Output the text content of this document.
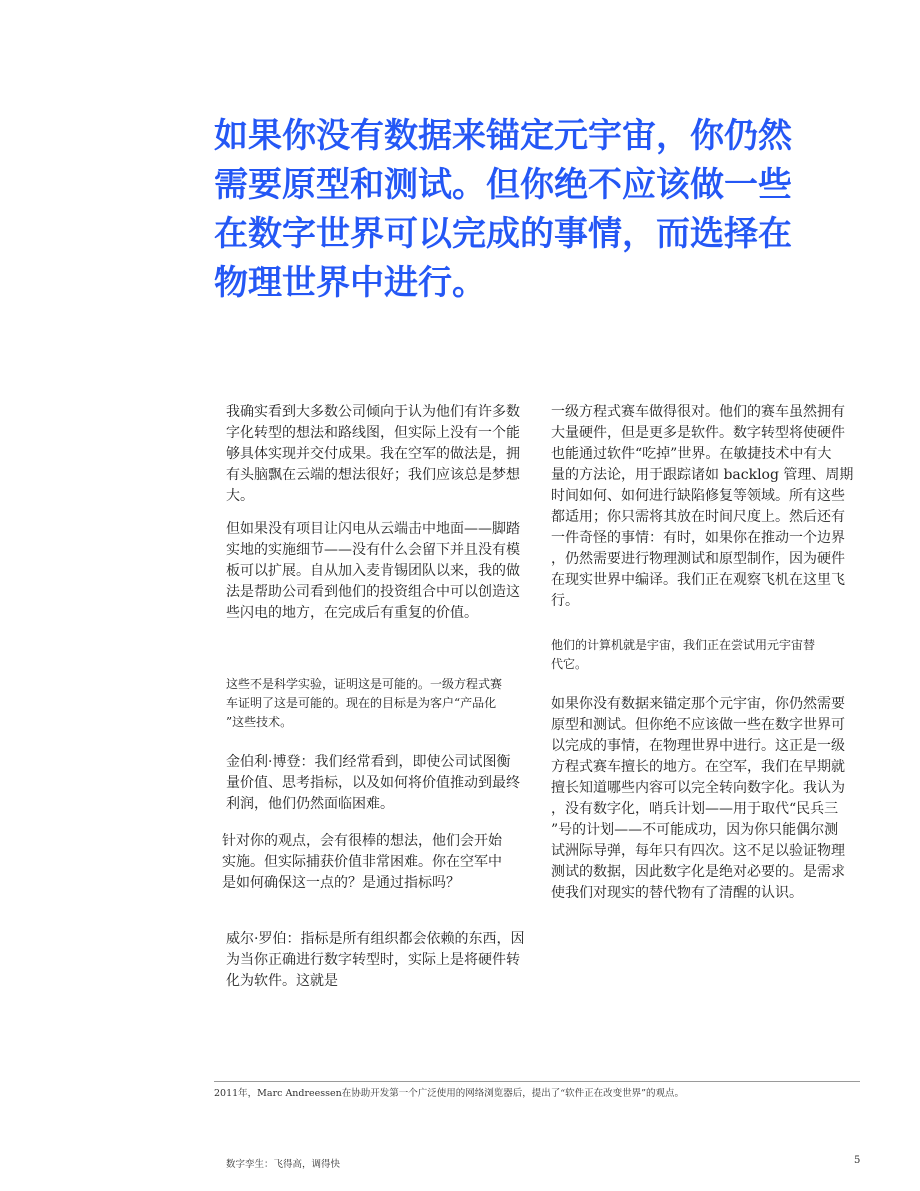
如果你没有数据来锚定元宇宙，你仍然
需要原型和测试。但你绝不应该做一些
在数字世界可以完成的事情，而选择在
物理世界中进行。

我确实看到大多数公司倾向于认为他们有许多数
字化转型的想法和路线图，但实际上没有一个能
够具体实现并交付成果。我在空军的做法是，拥
有头脑飘在云端的想法很好；我们应该总是梦想
大。

但如果没有项目让闪电从云端击中地面——脚踏
实地的实施细节——没有什么会留下并且没有模
板可以扩展。自从加入麦肯锡团队以来，我的做
法是帮助公司看到他们的投资组合中可以创造这
些闪电的地方，在完成后有重复的价值。

这些不是科学实验，证明这是可能的。一级方程式赛
车证明了这是可能的。现在的目标是为客户“产品化
”这些技术。

金伯利·博登：我们经常看到，即使公司试图衡
量价值、思考指标，以及如何将价值推动到最终
利润，他们仍然面临困难。

针对你的观点，会有很棒的想法，他们会开始
实施。但实际捕获价值非常困难。你在空军中
是如何确保这一点的？是通过指标吗？

威尔·罗伯：指标是所有组织都会依赖的东西，因
为当你正确进行数字转型时，实际上是将硬件转
化为软件。这就是

一级方程式赛车做得很对。他们的赛车虽然拥有
大量硬件，但是更多是软件。数字转型将使硬件
也能通过软件“吃掉”世界。在敏捷技术中有大
量的方法论，用于跟踪诸如 backlog 管理、周期
时间如何、如何进行缺陷修复等领域。所有这些
都适用；你只需将其放在时间尺度上。然后还有
一件奇怪的事情：有时，如果你在推动一个边界
，仍然需要进行物理测试和原型制作，因为硬件
在现实世界中编译。我们正在观察飞机在这里飞
行。

他们的计算机就是宇宙，我们正在尝试用元宇宙替
代它。

如果你没有数据来锚定那个元宇宙，你仍然需要
原型和测试。但你绝不应该做一些在数字世界可
以完成的事情，在物理世界中进行。这正是一级
方程式赛车擅长的地方。在空军，我们在早期就
擅长知道哪些内容可以完全转向数字化。我认为
，没有数字化，哨兵计划——用于取代“民兵三
”号的计划——不可能成功，因为你只能偶尔测
试洲际导弹，每年只有四次。这不足以验证物理
测试的数据，因此数字化是绝对必要的。是需求
使我们对现实的替代物有了清醒的认识。

2011年，Marc Andreessen在协助开发第一个广泛使用的网络浏览器后，提出了“软件正在改变世界”的观点。
数字孪生：飞得高，调得快	5
